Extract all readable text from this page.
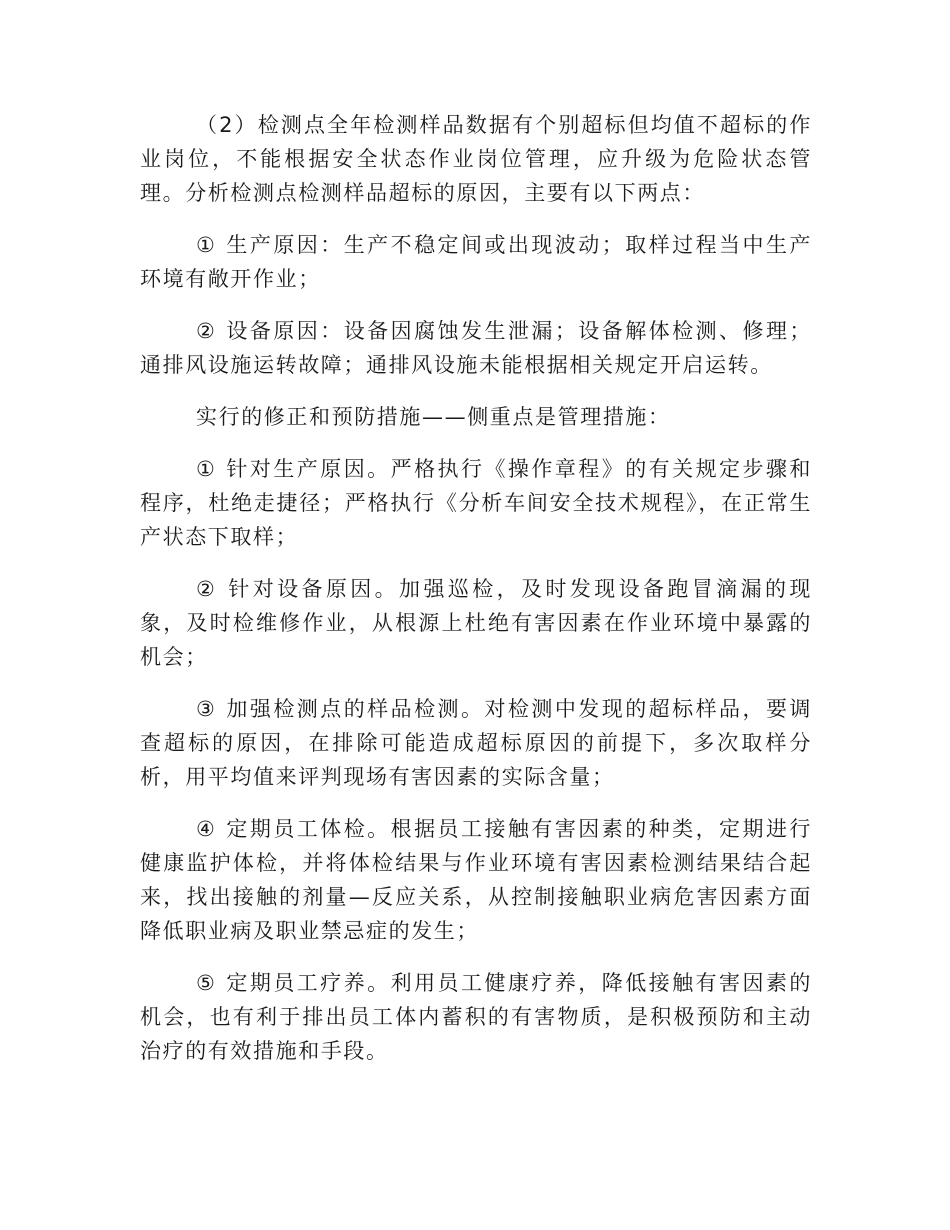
（2）检测点全年检测样品数据有个别超标但均值不超标的作业岗位，不能根据安全状态作业岗位管理，应升级为危险状态管理。分析检测点检测样品超标的原因，主要有以下两点：

① 生产原因：生产不稳定间或出现波动；取样过程当中生产环境有敞开作业；

② 设备原因：设备因腐蚀发生泄漏；设备解体检测、修理；通排风设施运转故障；通排风设施未能根据相关规定开启运转。

实行的修正和预防措施——侧重点是管理措施：

① 针对生产原因。严格执行《操作章程》的有关规定步骤和程序，杜绝走捷径；严格执行《分析车间安全技术规程》，在正常生产状态下取样；

② 针对设备原因。加强巡检，及时发现设备跑冒滴漏的现象，及时检维修作业，从根源上杜绝有害因素在作业环境中暴露的机会；

③ 加强检测点的样品检测。对检测中发现的超标样品，要调查超标的原因，在排除可能造成超标原因的前提下，多次取样分析，用平均值来评判现场有害因素的实际含量；

④ 定期员工体检。根据员工接触有害因素的种类，定期进行健康监护体检，并将体检结果与作业环境有害因素检测结果结合起来，找出接触的剂量—反应关系，从控制接触职业病危害因素方面降低职业病及职业禁忌症的发生；

⑤ 定期员工疗养。利用员工健康疗养，降低接触有害因素的机会，也有利于排出员工体内蓄积的有害物质，是积极预防和主动治疗的有效措施和手段。
